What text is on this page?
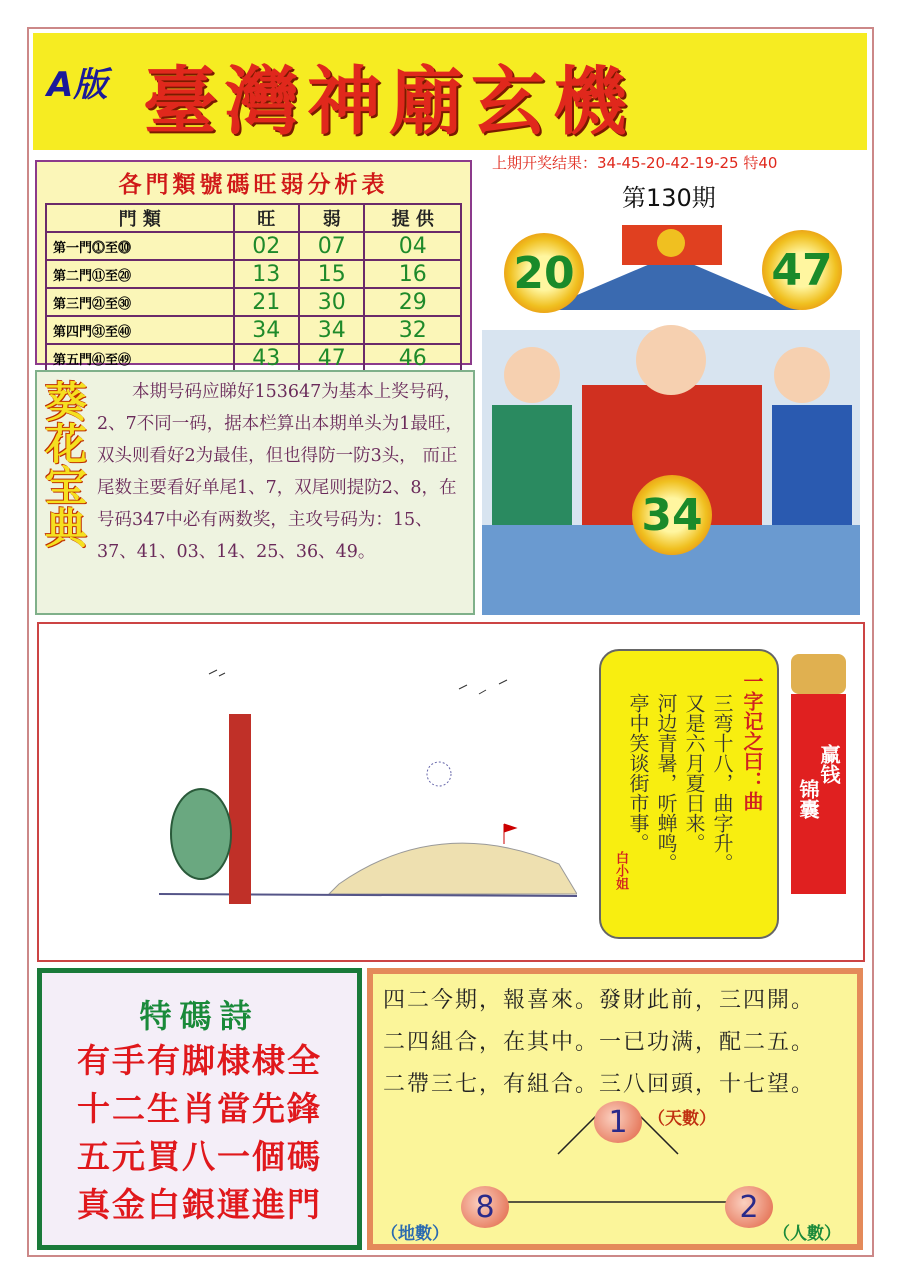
A版 臺灣神廟玄機
上期开奖结果：34-45-20-42-19-25 特40
第130期
各門類號碼旺弱分析表
門 類	旺	弱	提 供
第一門⓵至⓾	02	07	04
第二門⑪至⑳	13	15	16
第三門㉑至㉚	21	30	29
第四門㉛至㊵	34	34	32
第五門㊶至㊾	43	47	46
葵花宝典	本期号码应睇好153647为基本上奖号码，2、7不同一码，据本栏算出本期单头为1最旺，双头则看好2为最佳，但也得防一防3头， 而正尾数主要看好单尾1、7，双尾则提防2、8，在号码347中必有两数奖，主攻号码为：15、37、41、03、14、25、36、49。
20	47
34
一字记之曰：曲
三弯十八，曲字升。
又是六月夏日来。
河边青暑，听蝉鸣。
亭中笑谈街市事。
白小姐
锦囊
赢钱
特碼詩
有手有脚棣棣全
十二生肖當先鋒
五元買八一個碼
真金白銀運進門
四二今期，報喜來。發財此前，三四開。
二四組合，在其中。一已功满，配二五。
二帶三七，有組合。三八回頭，十七望。
1	（天數）
8
（地數）
2
（人數）
